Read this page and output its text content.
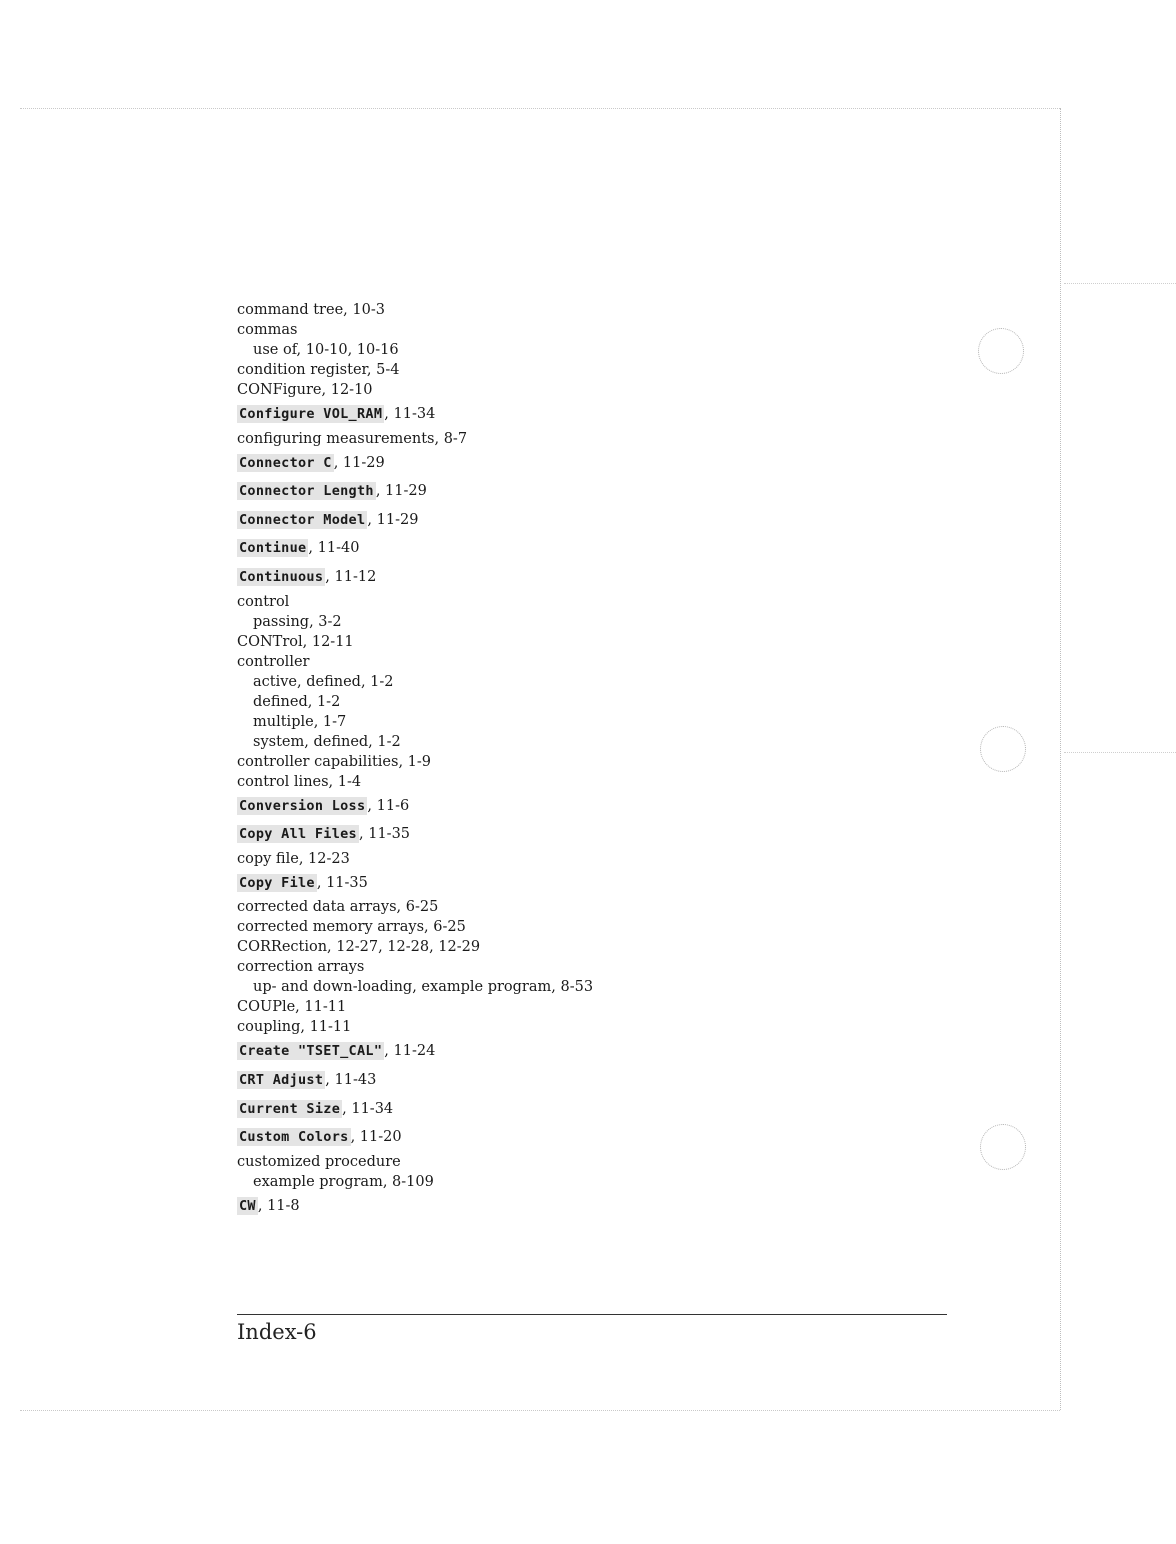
command tree, 10-3
commas
use of, 10-10, 10-16
condition register, 5-4
CONFigure, 12-10
Configure VOL_RAM , 11-34
configuring measurements, 8-7
Connector C , 11-29
Connector Length , 11-29
Connector Model , 11-29
Continue , 11-40
Continuous , 11-12
control
passing, 3-2
CONTrol, 12-11
controller
active, defined, 1-2
defined, 1-2
multiple, 1-7
system, defined, 1-2
controller capabilities, 1-9
control lines, 1-4
Conversion Loss , 11-6
Copy All Files , 11-35
copy file, 12-23
Copy File , 11-35
corrected data arrays, 6-25
corrected memory arrays, 6-25
CORRection, 12-27, 12-28, 12-29
correction arrays
up- and down-loading, example program, 8-53
COUPle, 11-11
coupling, 11-11
Create "TSET_CAL" , 11-24
CRT Adjust , 11-43
Current Size , 11-34
Custom Colors , 11-20
customized procedure
example program, 8-109
CW , 11-8
Index-6
